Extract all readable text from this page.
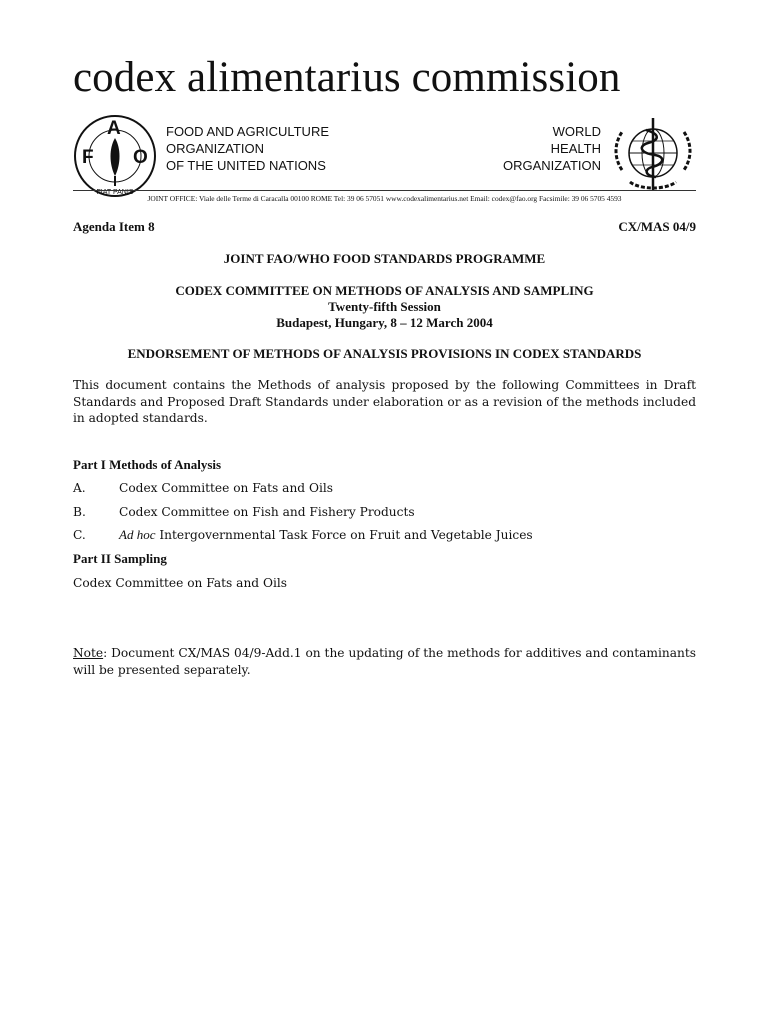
codex alimentarius commission
F
A
O
FIAT PANIS
FOOD AND AGRICULTURE
ORGANIZATION
OF THE UNITED NATIONS
WORLD
HEALTH
ORGANIZATION
JOINT OFFICE: Viale delle Terme di Caracalla 00100 ROME Tel: 39 06 57051 www.codexalimentarius.net Email: codex@fao.org Facsimile: 39 06 5705 4593
Agenda Item 8	CX/MAS 04/9
JOINT FAO/WHO FOOD STANDARDS PROGRAMME
CODEX COMMITTEE ON METHODS OF ANALYSIS AND SAMPLING
Twenty-fifth Session
Budapest, Hungary, 8 – 12 March 2004
ENDORSEMENT OF METHODS OF ANALYSIS PROVISIONS IN CODEX STANDARDS

This document contains the Methods of analysis proposed by the following Committees in Draft Standards and Proposed Draft Standards under elaboration or as a revision of the methods included in adopted standards.

Part I Methods of Analysis
A.	Codex Committee on Fats and Oils
B.	Codex Committee on Fish and Fishery Products
C.	Ad hoc Intergovernmental Task Force on Fruit and Vegetable Juices
Part II Sampling
Codex Committee on Fats and Oils

Note: Document CX/MAS 04/9-Add.1 on the updating of the methods for additives and contaminants will be presented separately.
